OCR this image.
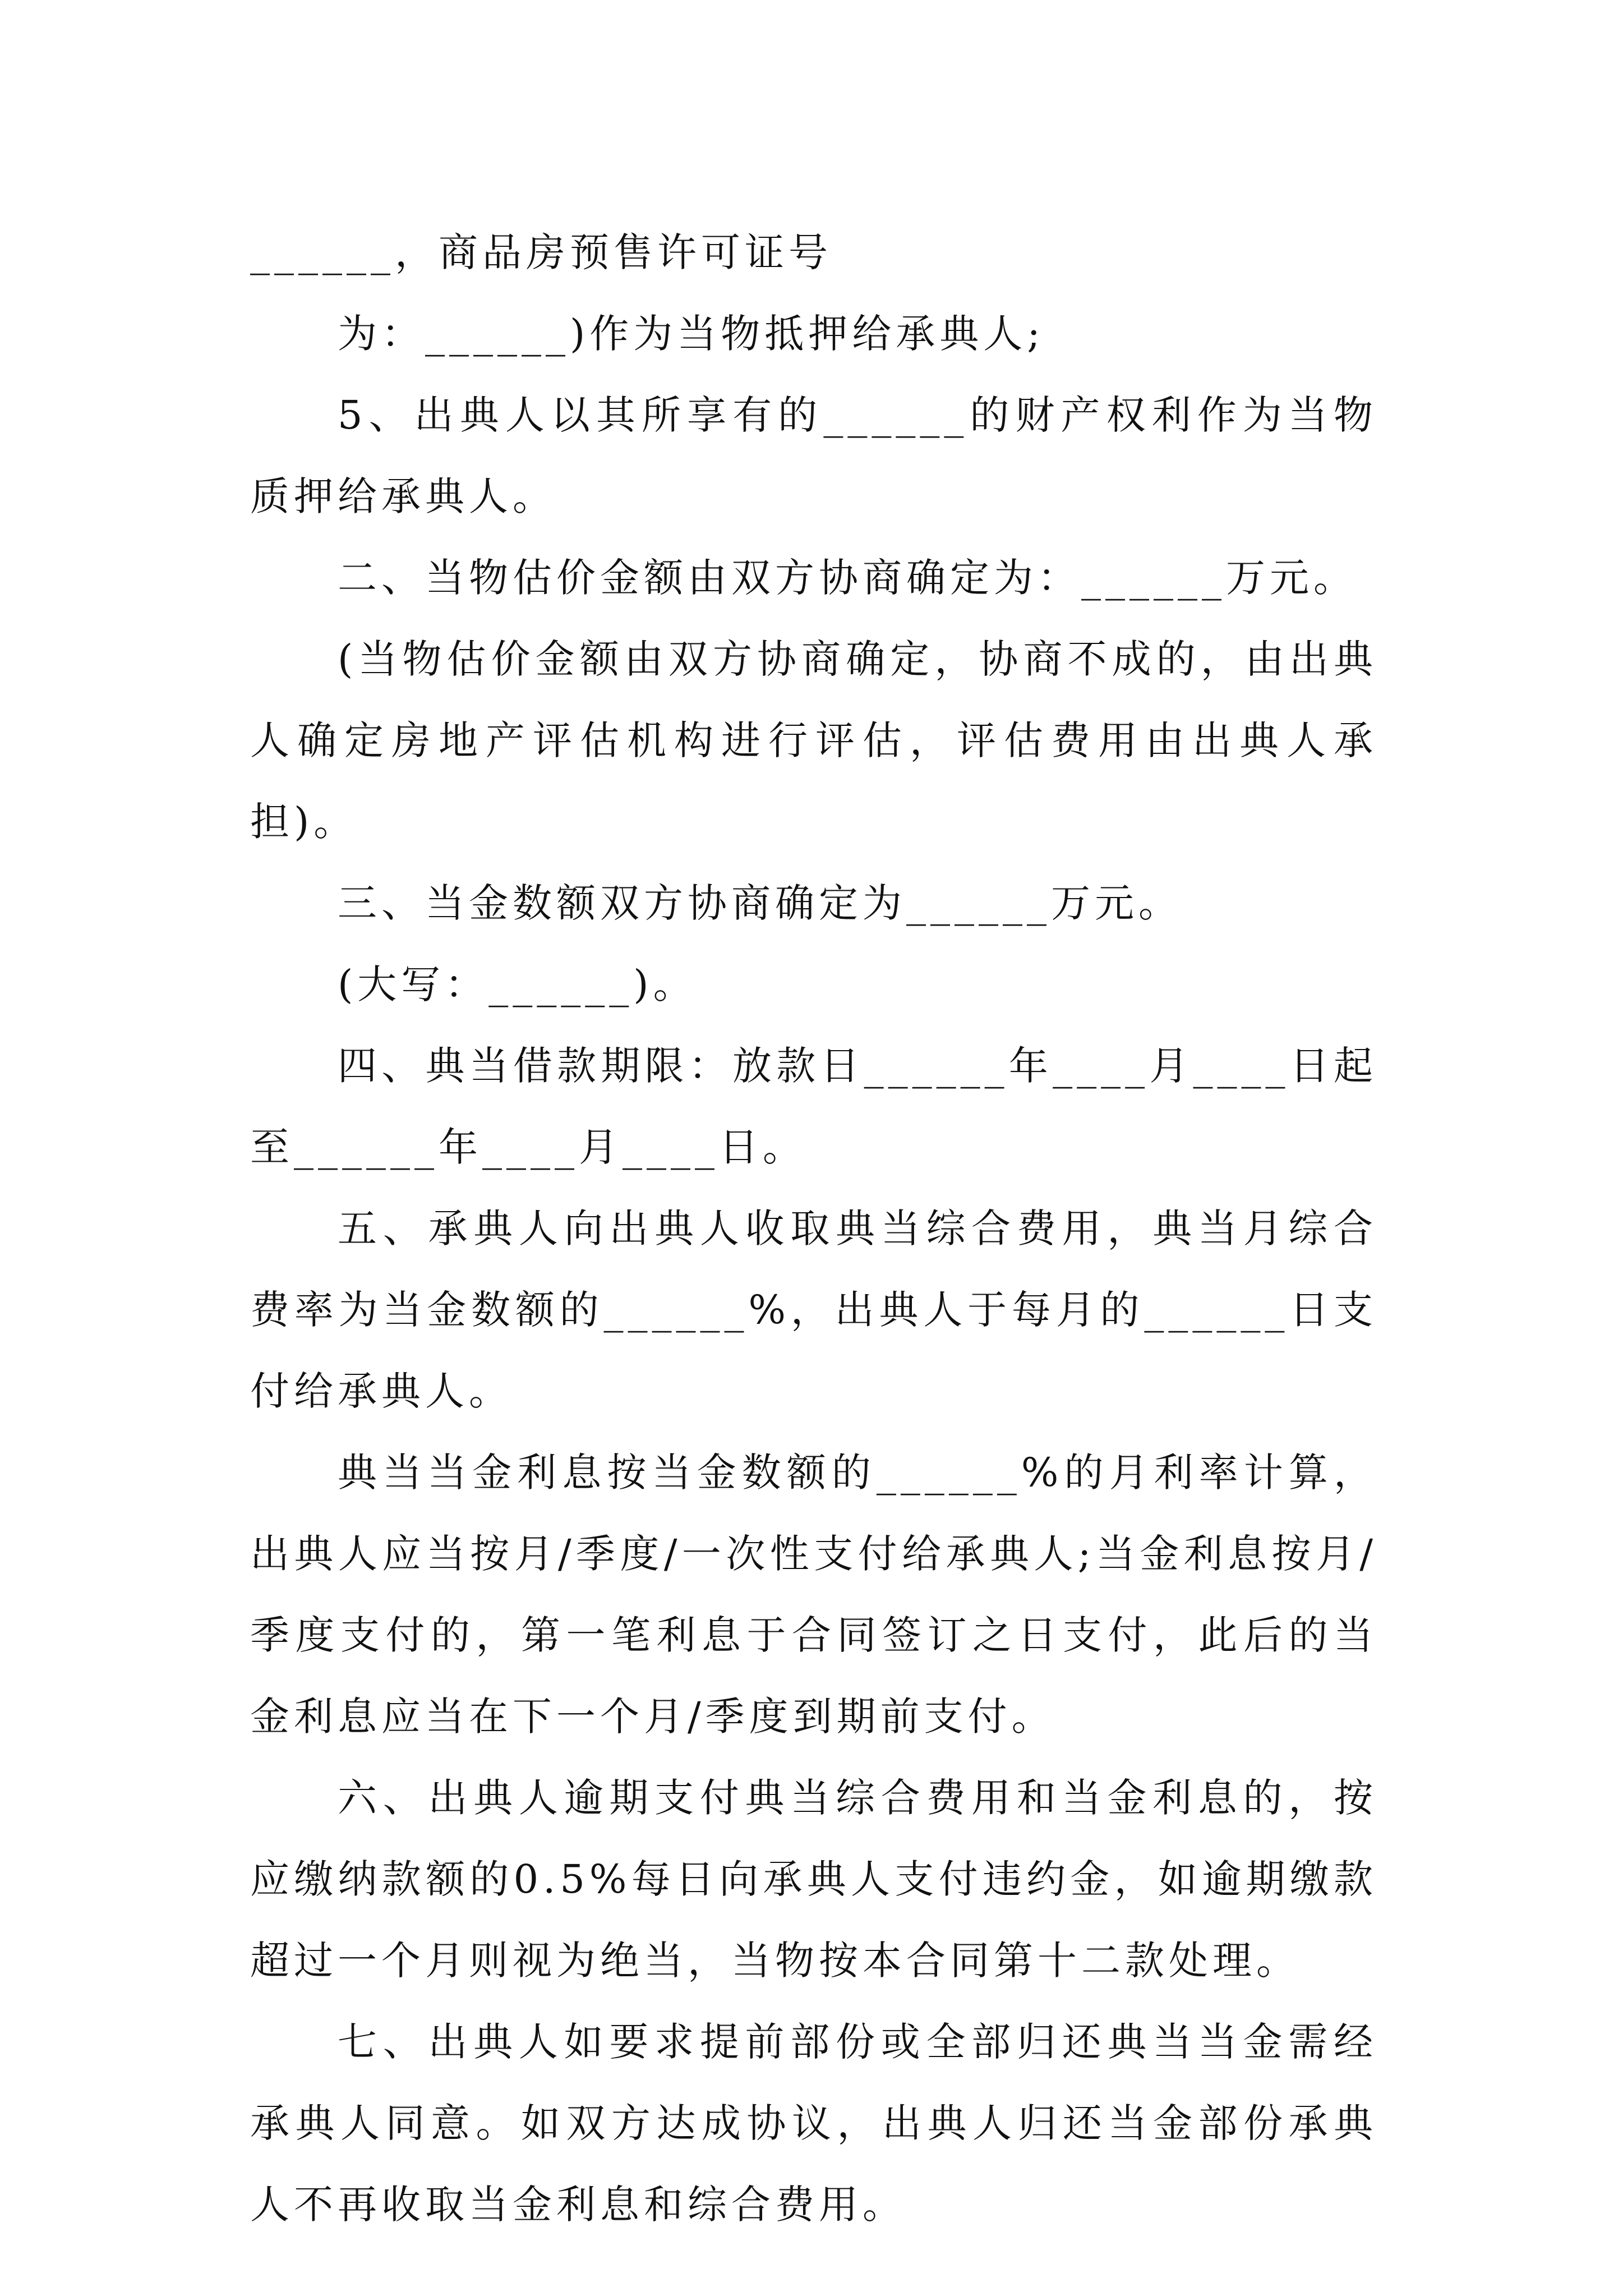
______，商品房预售许可证号

为：______)作为当物抵押给承典人;

5、出典人以其所享有的______的财产权利作为当物质押给承典人。

二、当物估价金额由双方协商确定为：______万元。

(当物估价金额由双方协商确定，协商不成的，由出典人确定房地产评估机构进行评估，评估费用由出典人承担)。

三、当金数额双方协商确定为______万元。

(大写：______)。

四、典当借款期限：放款日______年____月____日起至______年____月____日。

五、承典人向出典人收取典当综合费用，典当月综合费率为当金数额的______%，出典人于每月的______日支付给承典人。

典当当金利息按当金数额的______%的月利率计算，出典人应当按月/季度/一次性支付给承典人;当金利息按月/季度支付的，第一笔利息于合同签订之日支付，此后的当金利息应当在下一个月/季度到期前支付。

六、出典人逾期支付典当综合费用和当金利息的，按应缴纳款额的0.5%每日向承典人支付违约金，如逾期缴款超过一个月则视为绝当，当物按本合同第十二款处理。

七、出典人如要求提前部份或全部归还典当当金需经承典人同意。如双方达成协议，出典人归还当金部份承典人不再收取当金利息和综合费用。
